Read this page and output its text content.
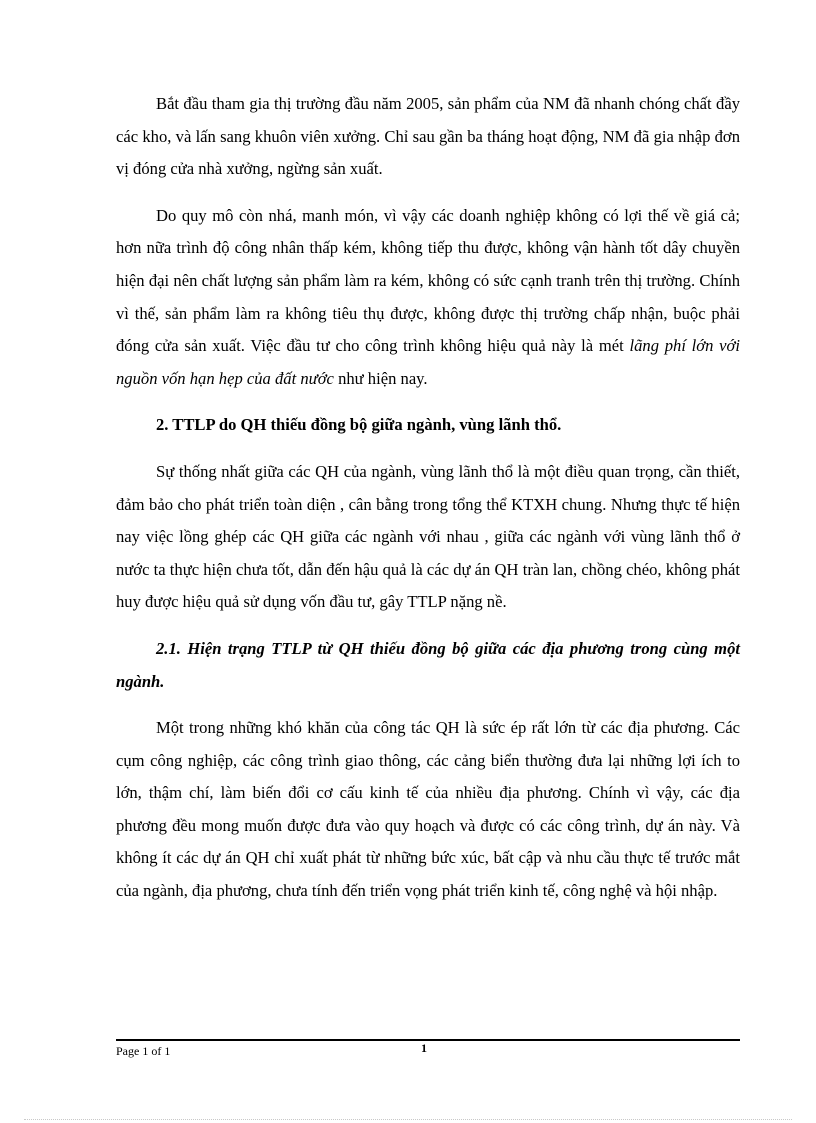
Bắt đầu tham gia thị trường đầu năm 2005, sản phẩm của NM đã nhanh chóng chất đầy các kho, và lấn sang khuôn viên xưởng. Chỉ sau gần ba tháng hoạt động, NM đã gia nhập đơn vị đóng cửa nhà xưởng, ngừng sản xuất.

Do quy mô còn nhá, manh món, vì vậy các doanh nghiệp không có lợi thế về giá cả; hơn nữa trình độ công nhân thấp kém, không tiếp thu được, không vận hành tốt dây chuyền hiện đại nên chất lượng sản phẩm làm ra kém, không có sức cạnh tranh trên thị trường. Chính vì thế, sản phẩm làm ra không tiêu thụ được, không được thị trường chấp nhận, buộc phải đóng cửa sản xuất. Việc đầu tư cho công trình không hiệu quả này là mét lãng phí lớn với nguồn vốn hạn hẹp của đất nước như hiện nay.

2. TTLP do QH thiếu đồng bộ giữa ngành, vùng lãnh thổ.

Sự thống nhất giữa các QH của ngành, vùng lãnh thổ là một điều quan trọng, cần thiết, đảm bảo cho phát triển toàn diện , cân bằng trong tổng thể KTXH chung. Nhưng thực tế hiện nay việc lồng ghép các QH giữa các ngành với nhau , giữa các ngành với vùng lãnh thổ ở nước ta thực hiện chưa tốt, dẫn đến hậu quả là các dự án QH tràn lan, chồng chéo, không phát huy được hiệu quả sử dụng vốn đầu tư, gây TTLP nặng nề.

2.1. Hiện trạng TTLP từ QH thiếu đồng bộ giữa các địa phương trong cùng một ngành.

Một trong những khó khăn của công tác QH là sức ép rất lớn từ các địa phương. Các cụm công nghiệp, các công trình giao thông, các cảng biển thường đưa lại những lợi ích to lớn, thậm chí, làm biến đổi cơ cấu kinh tế của nhiều địa phương. Chính vì vậy, các địa phương đều mong muốn được đưa vào quy hoạch và được có các công trình, dự án này. Và không ít các dự án QH chỉ xuất phát từ những bức xúc, bất cập và nhu cầu thực tế trước mắt của ngành, địa phương, chưa tính đến triển vọng phát triển kinh tế, công nghệ và hội nhập.

Page 1 of 1	1
